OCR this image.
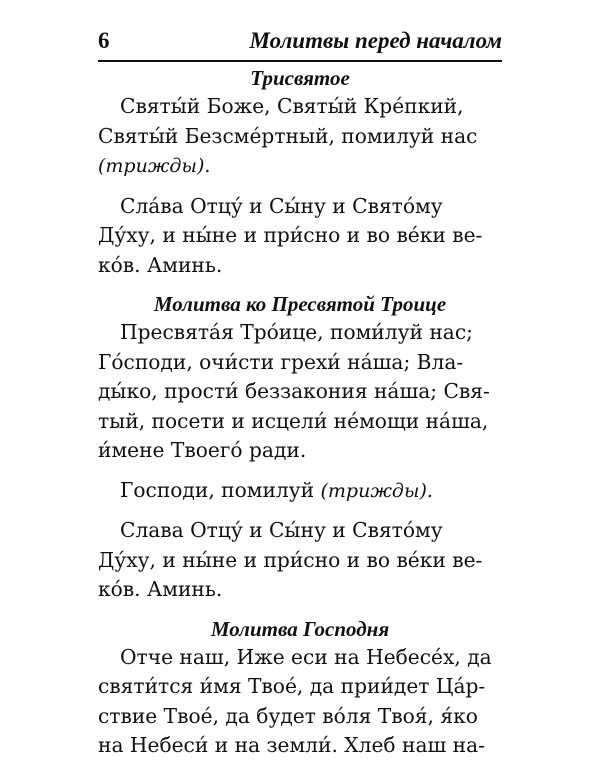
6	Молитвы перед началом
Трисвятое

Святы́й Боже, Святы́й Кре́пкий,
Святы́й Безсме́ртный, помилуй нас
(трижды).

Сла́ва Отцу́ и Сы́ну и Свято́му
Ду́ху, и ны́не и при́сно и во ве́ки ве-
ко́в. Аминь.

Молитва ко Пресвятой Троице

Пресвята́я Тро́ице, поми́луй нас;
Го́споди, очи́сти грехи́ на́ша; Вла-
ды́ко, прости́ беззакония на́ша; Свя-
тый, посети и исцели́ не́мощи на́ша,
и́мене Твоего́ ради.

Господи, помилуй (трижды).

Слава Отцу́ и Сы́ну и Свято́му
Ду́ху, и ны́не и при́сно и во ве́ки ве-
ко́в. Аминь.

Молитва Господня

Отче наш, Иже еси на Небесе́х, да
святи́тся и́мя Твое́, да прии́дет Ца́р-
ствие Твое́, да будет во́ля Твоя́, я́ко
на Небеси́ и на земли́. Хлеб наш на-
